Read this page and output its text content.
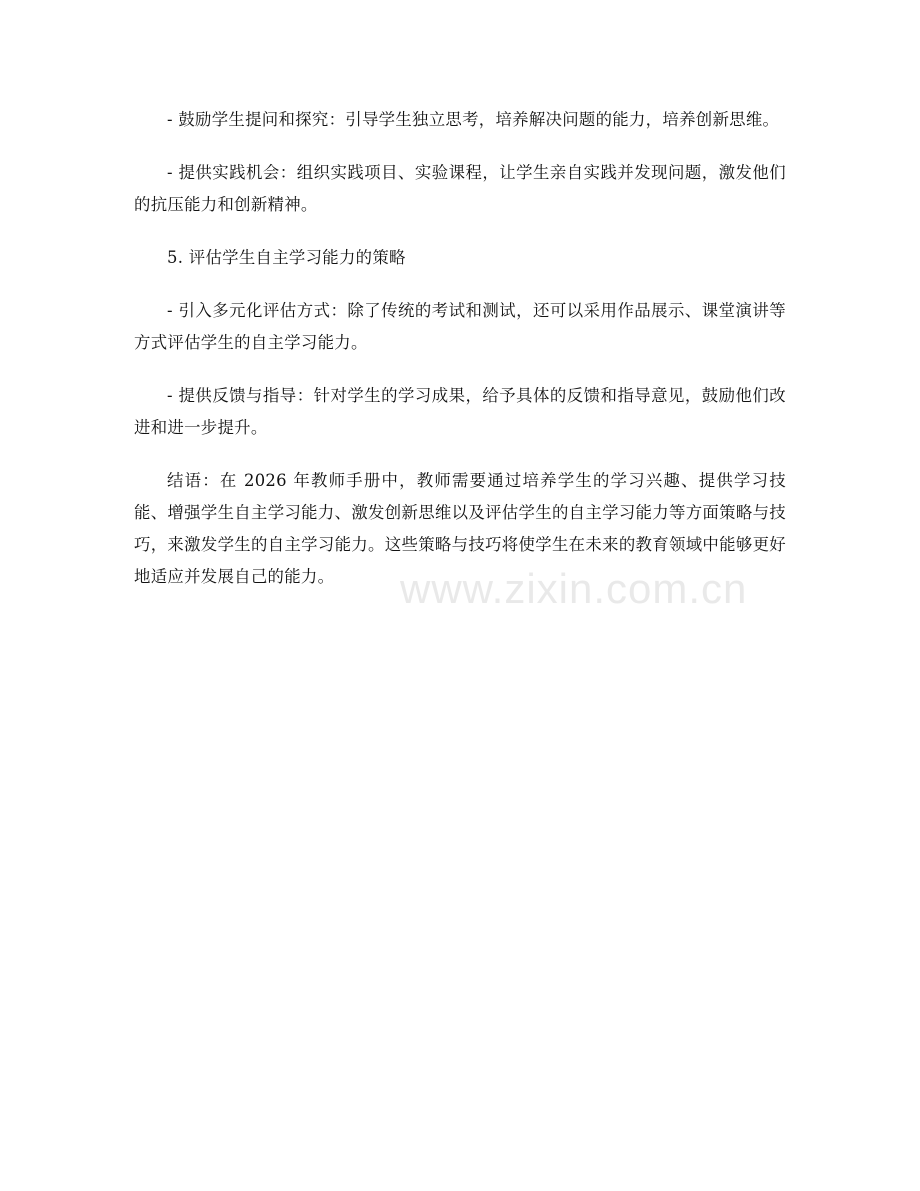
- 鼓励学生提问和探究：引导学生独立思考，培养解决问题的能力，培养创新思维。

- 提供实践机会：组织实践项目、实验课程，让学生亲自实践并发现问题，激发他们的抗压能力和创新精神。

5. 评估学生自主学习能力的策略

- 引入多元化评估方式：除了传统的考试和测试，还可以采用作品展示、课堂演讲等方式评估学生的自主学习能力。

- 提供反馈与指导：针对学生的学习成果，给予具体的反馈和指导意见，鼓励他们改进和进一步提升。

结语：在 2026 年教师手册中，教师需要通过培养学生的学习兴趣、提供学习技能、增强学生自主学习能力、激发创新思维以及评估学生的自主学习能力等方面策略与技巧，来激发学生的自主学习能力。这些策略与技巧将使学生在未来的教育领域中能够更好地适应并发展自己的能力。	www.zixin.com.cn
